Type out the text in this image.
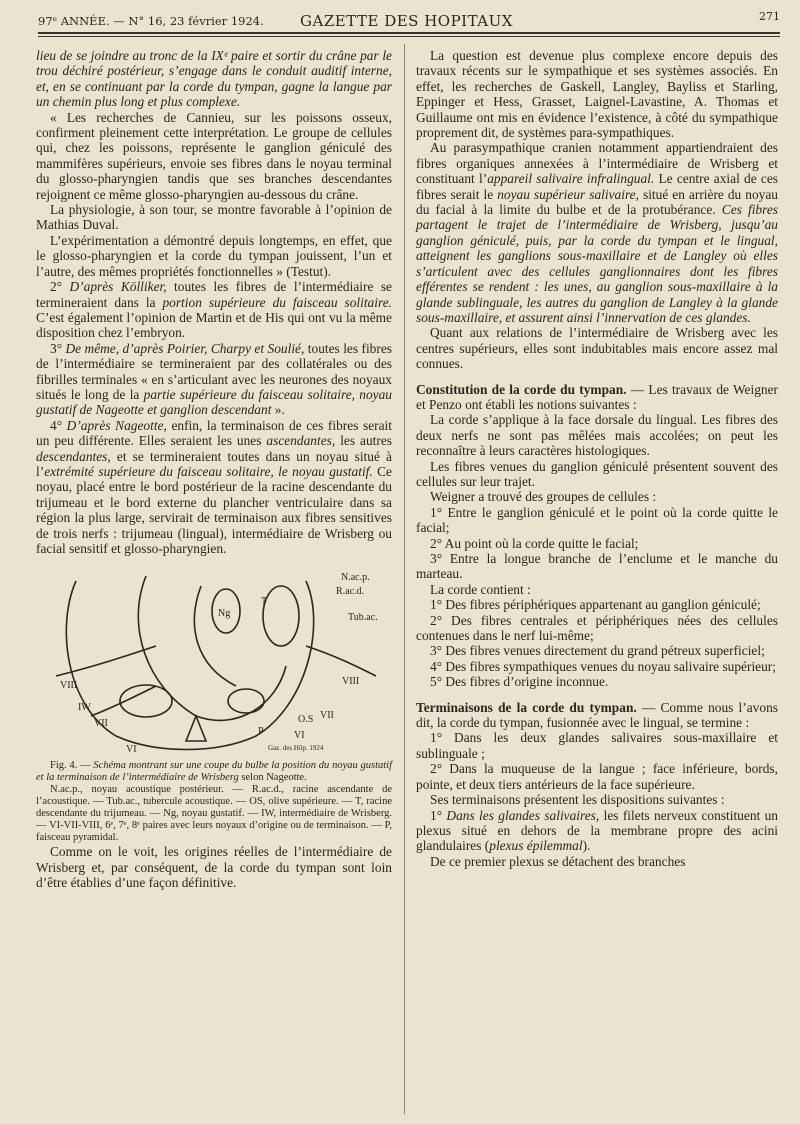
97ᵉ ANNÉE. — N° 16, 23 février 1924. GAZETTE DES HOPITAUX	271

lieu de se joindre au tronc de la IXᵉ paire et sortir du crâne par le trou déchiré postérieur, s’engage dans le conduit auditif interne, et, en se continuant par la corde du tympan, gagne la langue par un chemin plus long et plus complexe.

« Les recherches de Cannieu, sur les poissons osseux, confirment pleinement cette interprétation. Le groupe de cellules qui, chez les poissons, représente le ganglion géniculé des mammifères supérieurs, envoie ses fibres dans le noyau terminal du glosso-pharyngien tandis que ses branches descendantes rejoignent ce même glosso-pharyngien au-dessous du crâne.

La physiologie, à son tour, se montre favorable à l’opinion de Mathias Duval.

L’expérimentation a démontré depuis longtemps, en effet, que le glosso-pharyngien et la corde du tympan jouissent, l’un et l’autre, des mêmes propriétés fonctionnelles » (Testut).

2° D’après Kölliker, toutes les fibres de l’intermédiaire se termineraient dans la portion supérieure du faisceau solitaire. C’est également l’opinion de Martin et de His qui ont vu la même disposition chez l’embryon.

3° De même, d’après Poirier, Charpy et Soulié, toutes les fibres de l’intermédiaire se termineraient par des collatérales ou des fibrilles terminales « en s’articulant avec les neurones des noyaux situés le long de la partie supérieure du faisceau solitaire, noyau gustatif de Nageotte et ganglion descendant ».

4° D’après Nageotte, enfin, la terminaison de ces fibres serait un peu différente. Elles seraient les unes ascendantes, les autres descendantes, et se termineraient toutes dans un noyau situé à l’extrémité supérieure du faisceau solitaire, le noyau gustatif. Ce noyau, placé entre le bord postérieur de la racine descendante du trijumeau et le bord externe du plancher ventriculaire dans sa région la plus large, servirait de terminaison aux fibres sensitives de trois nerfs : trijumeau (lingual), intermédiaire de Wrisberg ou facial sensitif et glosso-pharyngien.

N.ac.p.
R.ac.d.
Tub.ac.
Ng
T
VIII
VIII
IW
VII
VII
O.S
VI
VI
P
Gaz. des Hôp. 1924

Fig. 4. — Schéma montrant sur une coupe du bulbe la position du noyau gustatif et la terminaison de l’intermédiaire de Wrisberg selon Nageotte.

N.ac.p., noyau acoustique postérieur. — R.ac.d., racine ascendante de l’acoustique. — Tub.ac., tubercule acoustique. — OS, olive supérieure. — T, racine descendante du trijumeau. — Ng, noyau gustatif. — IW, intermédiaire de Wrisberg. — VI-VII-VIII, 6ᵉ, 7ᵉ, 8ᵉ paires avec leurs noyaux d’origine ou de terminaison. — P, faisceau pyramidal.

Comme on le voit, les origines réelles de l’intermédiaire de Wrisberg et, par conséquent, de la corde du tympan sont loin d’être établies d’une façon définitive.

La question est devenue plus complexe encore depuis des travaux récents sur le sympathique et ses systèmes associés. En effet, les recherches de Gaskell, Langley, Bayliss et Starling, Eppinger et Hess, Grasset, Laignel-Lavastine, A. Thomas et Guillaume ont mis en évidence l’existence, à côté du sympathique proprement dit, de systèmes para-sympathiques.

Au parasympathique cranien notamment appartiendraient des fibres organiques annexées à l’intermédiaire de Wrisberg et constituant l’appareil salivaire infralingual. Le centre axial de ces fibres serait le noyau supérieur salivaire, situé en arrière du noyau du facial à la limite du bulbe et de la protubérance. Ces fibres partagent le trajet de l’intermédiaire de Wrisberg, jusqu’au ganglion géniculé, puis, par la corde du tympan et le lingual, atteignent les ganglions sous-maxillaire et de Langley où elles s’articulent avec des cellules ganglionnaires dont les fibres efférentes se rendent : les unes, au ganglion sous-maxillaire à la glande sublinguale, les autres du ganglion de Langley à la glande sous-maxillaire, et assurent ainsi l’innervation de ces glandes.

Quant aux relations de l’intermédiaire de Wrisberg avec les centres supérieurs, elles sont indubitables mais encore assez mal connues.

Constitution de la corde du tympan. — Les travaux de Weigner et Penzo ont établi les notions suivantes :

La corde s’applique à la face dorsale du lingual. Les fibres des deux nerfs ne sont pas mêlées mais accolées; on peut les reconnaître à leurs caractères histologiques.

Les fibres venues du ganglion géniculé présentent souvent des cellules sur leur trajet.

Weigner a trouvé des groupes de cellules :

1° Entre le ganglion géniculé et le point où la corde quitte le facial;

2° Au point où la corde quitte le facial;

3° Entre la longue branche de l’enclume et le manche du marteau.

La corde contient :

1° Des fibres périphériques appartenant au ganglion géniculé;

2° Des fibres centrales et périphériques nées des cellules contenues dans le nerf lui-même;

3° Des fibres venues directement du grand pétreux superficiel;

4° Des fibres sympathiques venues du noyau salivaire supérieur;

5° Des fibres d’origine inconnue.

Terminaisons de la corde du tympan. — Comme nous l’avons dit, la corde du tympan, fusionnée avec le lingual, se termine :

1° Dans les deux glandes salivaires sous-maxillaire et sublinguale ;

2° Dans la muqueuse de la langue ; face inférieure, bords, pointe, et deux tiers antérieurs de la face supérieure.

Ses terminaisons présentent les dispositions suivantes :

1° Dans les glandes salivaires, les filets nerveux constituent un plexus situé en dehors de la membrane propre des acini glandulaires (plexus épilemmal).

De ce premier plexus se détachent des branches
